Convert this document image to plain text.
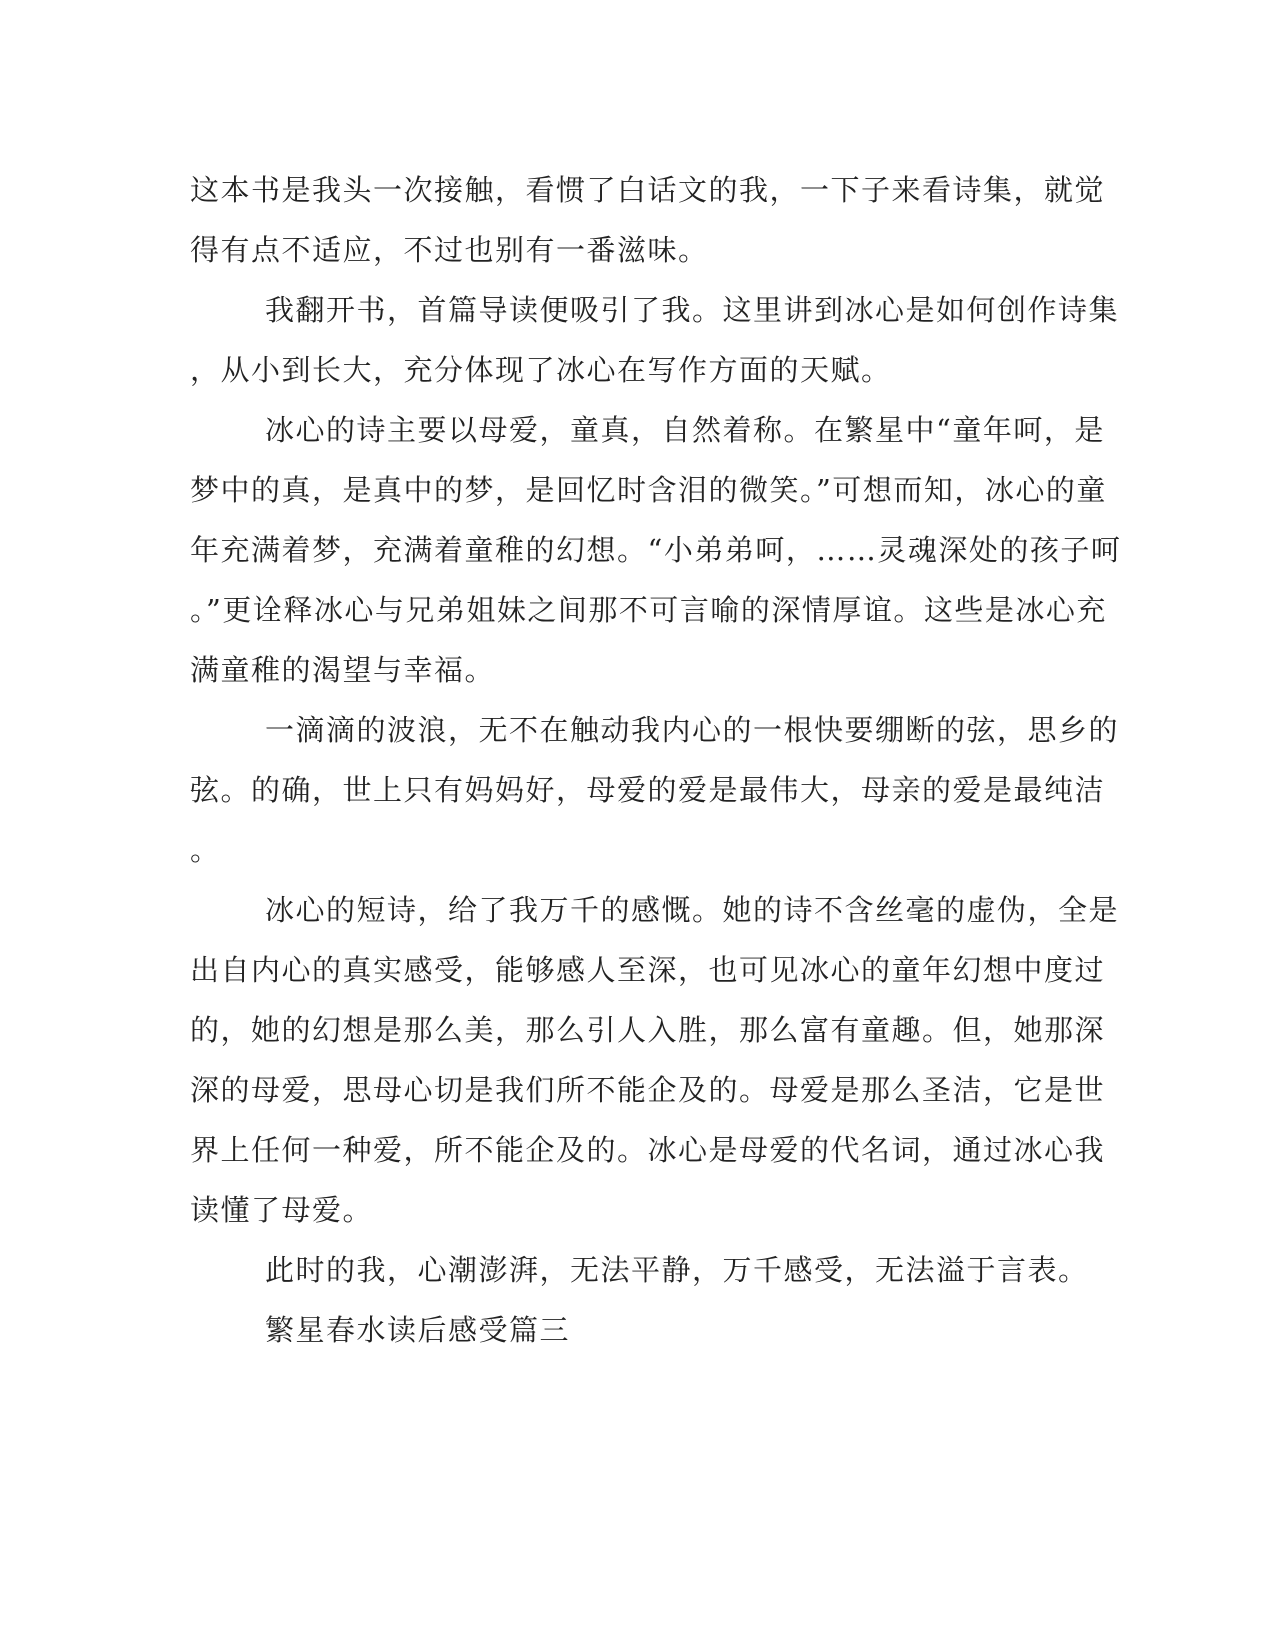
这本书是我头一次接触，看惯了白话文的我，一下子来看诗集，就觉
得有点不适应，不过也别有一番滋味。
我翻开书，首篇导读便吸引了我。这里讲到冰心是如何创作诗集
，从小到长大，充分体现了冰心在写作方面的天赋。
冰心的诗主要以母爱，童真，自然着称。在繁星中“童年呵，是
梦中的真，是真中的梦，是回忆时含泪的微笑。”可想而知，冰心的童
年充满着梦，充满着童稚的幻想。“小弟弟呵，……灵魂深处的孩子呵
。”更诠释冰心与兄弟姐妹之间那不可言喻的深情厚谊。这些是冰心充
满童稚的渴望与幸福。
一滴滴的波浪，无不在触动我内心的一根快要绷断的弦，思乡的
弦。的确，世上只有妈妈好，母爱的爱是最伟大，母亲的爱是最纯洁
。
冰心的短诗，给了我万千的感慨。她的诗不含丝毫的虚伪，全是
出自内心的真实感受，能够感人至深，也可见冰心的童年幻想中度过
的，她的幻想是那么美，那么引人入胜，那么富有童趣。但，她那深
深的母爱，思母心切是我们所不能企及的。母爱是那么圣洁，它是世
界上任何一种爱，所不能企及的。冰心是母爱的代名词，通过冰心我
读懂了母爱。
此时的我，心潮澎湃，无法平静，万千感受，无法溢于言表。
繁星春水读后感受篇三
